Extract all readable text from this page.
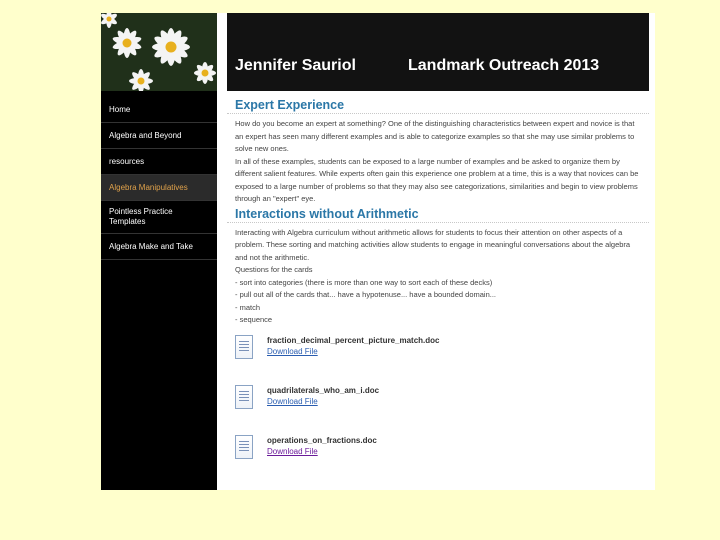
Home
Algebra and Beyond
resources
Algebra Manipulatives
Pointless Practice Templates
Algebra Make and Take
Jennifer Sauriol	Landmark Outreach 2013
Expert Experience

How do you become an expert at something? One of the distinguishing characteristics between expert and novice is that an expert has seen many different examples and is able to categorize examples so that she may use similar problems to solve new ones.

In all of these examples, students can be exposed to a large number of examples and be asked to organize them by different salient features. While experts often gain this experience one problem at a time, this is a way that novices can be exposed to a large number of problems so that they may also see categorizations, similarities and begin to view problems through an "expert" eye.

Interactions without Arithmetic

Interacting with Algebra curriculum without arithmetic allows for students to focus their attention on other aspects of a problem. These sorting and matching activities allow students to engage in meaningful conversations about the algebra and not the arithmetic.

Questions for the cards
- sort into categories (there is more than one way to sort each of these decks)
- pull out all of the cards that... have a hypotenuse... have a bounded domain...
- match
- sequence
fraction_decimal_percent_picture_match.doc
Download File
quadrilaterals_who_am_i.doc
Download File
operations_on_fractions.doc
Download File
